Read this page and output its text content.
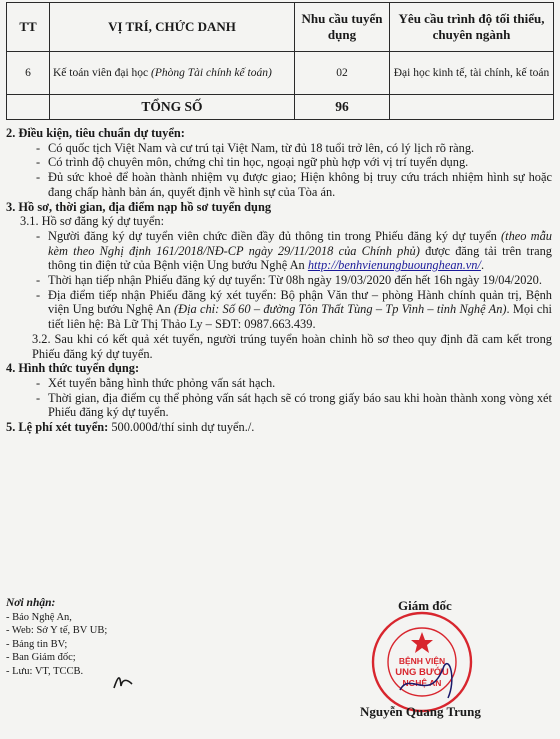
TT	VỊ TRÍ, CHỨC DANH	Nhu cầu tuyển dụng	Yêu cầu trình độ tối thiểu, chuyên ngành
6	Kế toán viên đại học (Phòng Tài chính kế toán)	02	Đại học kinh tế, tài chính, kế toán
	TỔNG SỐ	96	

2. Điều kiện, tiêu chuẩn dự tuyển:

- Có quốc tịch Việt Nam và cư trú tại Việt Nam, từ đủ 18 tuổi trở lên, có lý lịch rõ ràng.

- Có trình độ chuyên môn, chứng chỉ tin học, ngoại ngữ phù hợp với vị trí tuyển dụng.

- Đủ sức khoẻ để hoàn thành nhiệm vụ được giao; Hiện không bị truy cứu trách nhiệm hình sự hoặc đang chấp hành bản án, quyết định về hình sự của Tòa án.

3. Hồ sơ, thời gian, địa điểm nạp hồ sơ tuyển dụng

3.1. Hồ sơ đăng ký dự tuyển:

- Người đăng ký dự tuyển viên chức điền đầy đủ thông tin trong Phiếu đăng ký dự tuyển (theo mẫu kèm theo Nghị định 161/2018/NĐ-CP ngày 29/11/2018 của Chính phủ) được đăng tải trên trang thông tin điện tử của Bệnh viện Ung bướu Nghệ An http://benhvienungbuounghean.vn/.

- Thời hạn tiếp nhận Phiếu đăng ký dự tuyển: Từ 08h ngày 19/03/2020 đến hết 16h ngày 19/04/2020.

- Địa điểm tiếp nhận Phiếu đăng ký xét tuyển: Bộ phận Văn thư – phòng Hành chính quản trị, Bệnh viện Ung bướu Nghệ An (Địa chỉ: Số 60 – đường Tôn Thất Tùng – Tp Vinh – tỉnh Nghệ An). Mọi chi tiết liên hệ: Bà Lữ Thị Thảo Ly – SĐT: 0987.663.439.

3.2. Sau khi có kết quả xét tuyển, người trúng tuyển hoàn chỉnh hồ sơ theo quy định đã cam kết trong Phiếu đăng ký dự tuyển.

4. Hình thức tuyển dụng:

- Xét tuyển bằng hình thức phỏng vấn sát hạch.

- Thời gian, địa điểm cụ thể phỏng vấn sát hạch sẽ có trong giấy báo sau khi hoàn thành xong vòng xét Phiếu đăng ký dự tuyển.

5. Lệ phí xét tuyển: 500.000đ/thí sinh dự tuyển./.

Nơi nhận:
- Báo Nghệ An,
- Web: Sở Y tế, BV UB;
- Bảng tin BV;
- Ban Giám đốc;
- Lưu: VT, TCCB.
Giám đốc
BỆNH VIỆN
UNG BƯỚU
NGHỆ AN
Nguyễn Quang Trung
